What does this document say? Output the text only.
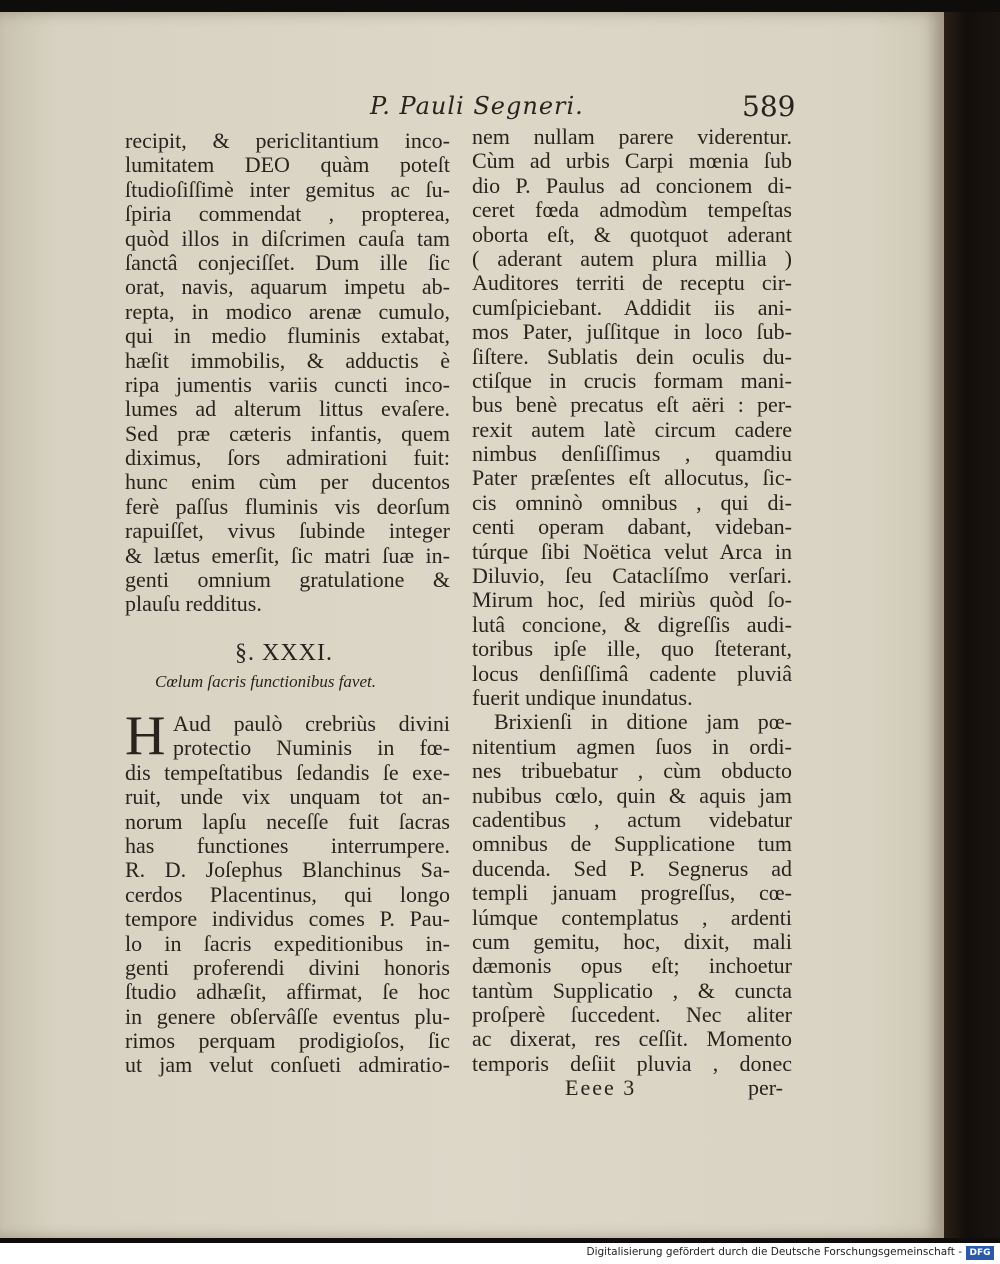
P. Pauli Segneri.	589
recipit, & periclitantium inco-
lumitatem DEO quàm poteſt
ſtudioſiſſimè inter gemitus ac ſu-
ſpiria commendat , propterea,
quòd illos in diſcrimen cauſa tam
ſanctâ conjeciſſet. Dum ille ſic
orat, navis, aquarum impetu ab-
repta, in modico arenæ cumulo,
qui in medio fluminis extabat,
hæſit immobilis, & adductis è
ripa jumentis variis cuncti inco-
lumes ad alterum littus evaſere.
Sed præ cæteris infantis, quem
diximus, ſors admirationi fuit:
hunc enim cùm per ducentos
ferè paſſus fluminis vis deorſum
rapuiſſet, vivus ſubinde integer
& lætus emerſit, ſic matri ſuæ in-
genti omnium gratulatione &
plauſu redditus.
§. XXXI.
Cœlum ſacris functionibus favet.
H Aud paulò crebriùs divini
protectio Numinis in fœ-
dis tempeſtatibus ſedandis ſe exe-
ruit, unde vix unquam tot an-
norum lapſu neceſſe fuit ſacras
has functiones interrumpere.
R. D. Joſephus Blanchinus Sa-
cerdos Placentinus, qui longo
tempore individus comes P. Pau-
lo in ſacris expeditionibus in-
genti proferendi divini honoris
ſtudio adhæſit, affirmat, ſe hoc
in genere obſervâſſe eventus plu-
rimos perquam prodigioſos, ſic
ut jam velut conſueti admiratio-
nem nullam parere viderentur.
Cùm ad urbis Carpi mœnia ſub
dio P. Paulus ad concionem di-
ceret fœda admodùm tempeſtas
oborta eſt, & quotquot aderant
( aderant autem plura millia )
Auditores territi de receptu cir-
cumſpiciebant. Addidit iis ani-
mos Pater, juſſitque in loco ſub-
ſiſtere. Sublatis dein oculis du-
ctiſque in crucis formam mani-
bus benè precatus eſt aëri : per-
rexit autem latè circum cadere
nimbus denſiſſimus , quamdiu
Pater præſentes eſt allocutus, ſic-
cis omninò omnibus , qui di-
centi operam dabant, videban-
túrque ſibi Noëtica velut Arca in
Diluvio, ſeu Cataclíſmo verſari.
Mirum hoc, ſed miriùs quòd ſo-
lutâ concione, & digreſſis audi-
toribus ipſe ille, quo ſteterant,
locus denſiſſimâ cadente pluviâ
fuerit undique inundatus.
Brixienſi in ditione jam pœ-
nitentium agmen ſuos in ordi-
nes tribuebatur , cùm obducto
nubibus cœlo, quin & aquis jam
cadentibus , actum videbatur
omnibus de Supplicatione tum
ducenda. Sed P. Segnerus ad
templi januam progreſſus, cœ-
lúmque contemplatus , ardenti
cum gemitu, hoc, dixit, mali
dæmonis opus eſt; inchoetur
tantùm Supplicatio , & cuncta
proſperè ſuccedent. Nec aliter
ac dixerat, res ceſſit. Momento
temporis deſiit pluvia , donec
Eeee 3	per-
Digitalisierung gefördert durch die Deutsche Forschungsgemeinschaft - DFG
